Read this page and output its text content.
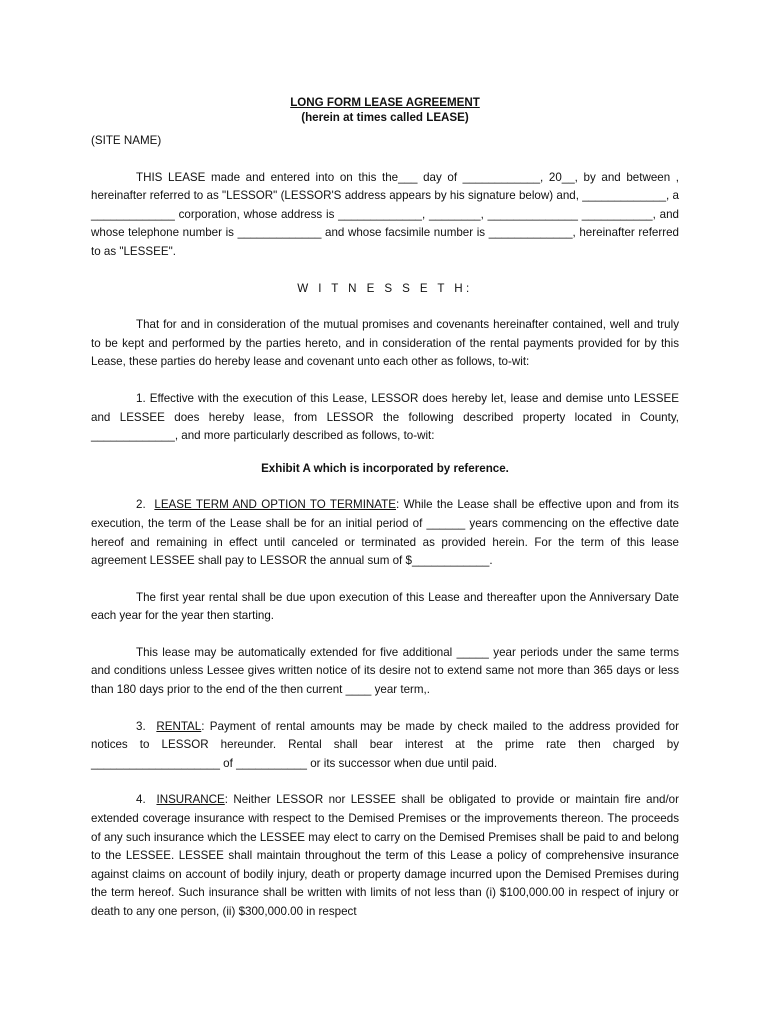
LONG FORM LEASE AGREEMENT

(herein at times called LEASE)

(SITE NAME)

THIS LEASE made and entered into on this the___ day of ____________, 20__, by and between , hereinafter referred to as "LESSOR" (LESSOR'S address appears by his signature below) and, _____________, a _____________ corporation, whose address is _____________, ________, ______________ ___________, and whose telephone number is _____________ and whose facsimile number is _____________, hereinafter referred to as "LESSEE".

W I T N E S S E T H:

That for and in consideration of the mutual promises and covenants hereinafter contained, well and truly to be kept and performed by the parties hereto, and in consideration of the rental payments provided for by this Lease, these parties do hereby lease and covenant unto each other as follows, to-wit:

1. Effective with the execution of this Lease, LESSOR does hereby let, lease and demise unto LESSEE and LESSEE does hereby lease, from LESSOR the following described property located in County, _____________, and more particularly described as follows, to-wit:

Exhibit A which is incorporated by reference.

2. LEASE TERM AND OPTION TO TERMINATE: While the Lease shall be effective upon and from its execution, the term of the Lease shall be for an initial period of ______ years commencing on the effective date hereof and remaining in effect until canceled or terminated as provided herein. For the term of this lease agreement LESSEE shall pay to LESSOR the annual sum of $____________.

The first year rental shall be due upon execution of this Lease and thereafter upon the Anniversary Date each year for the year then starting.

This lease may be automatically extended for five additional _____ year periods under the same terms and conditions unless Lessee gives written notice of its desire not to extend same not more than 365 days or less than 180 days prior to the end of the then current ____ year term,.

3. RENTAL: Payment of rental amounts may be made by check mailed to the address provided for notices to LESSOR hereunder. Rental shall bear interest at the prime rate then charged by ____________________ of ___________ or its successor when due until paid.

4. INSURANCE: Neither LESSOR nor LESSEE shall be obligated to provide or maintain fire and/or extended coverage insurance with respect to the Demised Premises or the improvements thereon. The proceeds of any such insurance which the LESSEE may elect to carry on the Demised Premises shall be paid to and belong to the LESSEE. LESSEE shall maintain throughout the term of this Lease a policy of comprehensive insurance against claims on account of bodily injury, death or property damage incurred upon the Demised Premises during the term hereof. Such insurance shall be written with limits of not less than (i) $100,000.00 in respect of injury or death to any one person, (ii) $300,000.00 in respect
